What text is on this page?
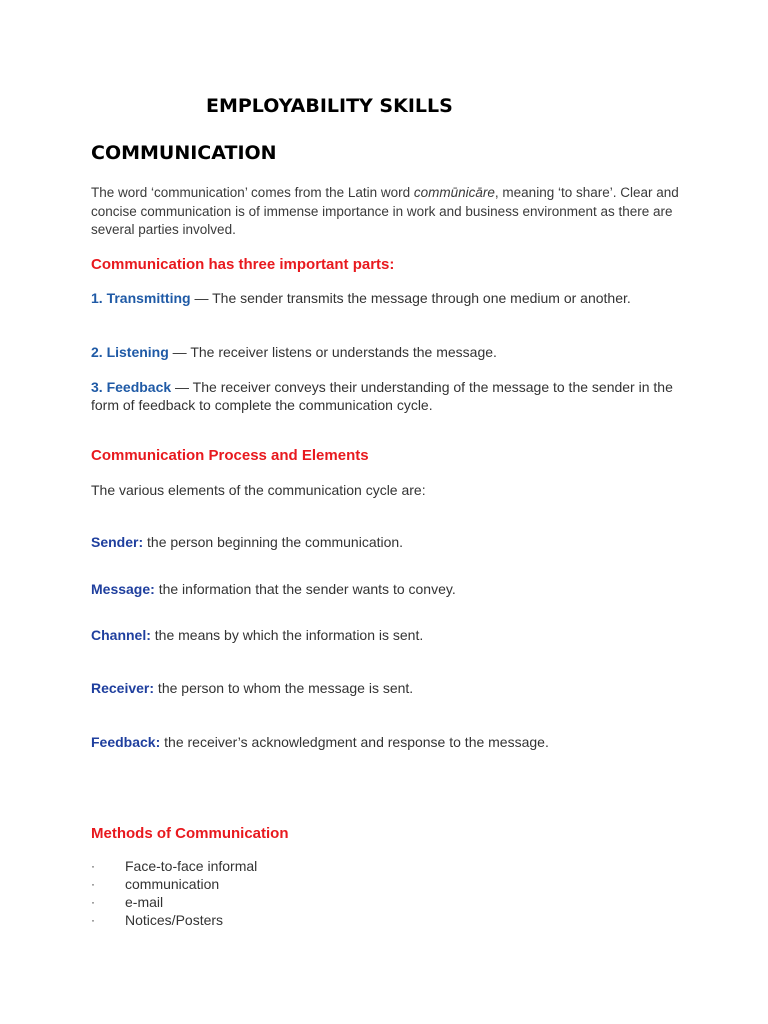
EMPLOYABILITY SKILLS
COMMUNICATION
The word ‘communication’ comes from the Latin word commūnicāre, meaning ‘to share’. Clear and concise communication is of immense importance in work and business environment as there are several parties involved.
Communication has three important parts:
1. Transmitting — The sender transmits the message through one medium or another.
2. Listening — The receiver listens or understands the message.
3. Feedback — The receiver conveys their understanding of the message to the sender in the form of feedback to complete the communication cycle.
Communication Process and Elements
The various elements of the communication cycle are:
Sender: the person beginning the communication.
Message: the information that the sender wants to convey.
Channel: the means by which the information is sent.
Receiver: the person to whom the message is sent.
Feedback: the receiver’s acknowledgment and response to the message.
Methods of Communication
· Face-to-face informal
· communication
· e-mail
· Notices/Posters
